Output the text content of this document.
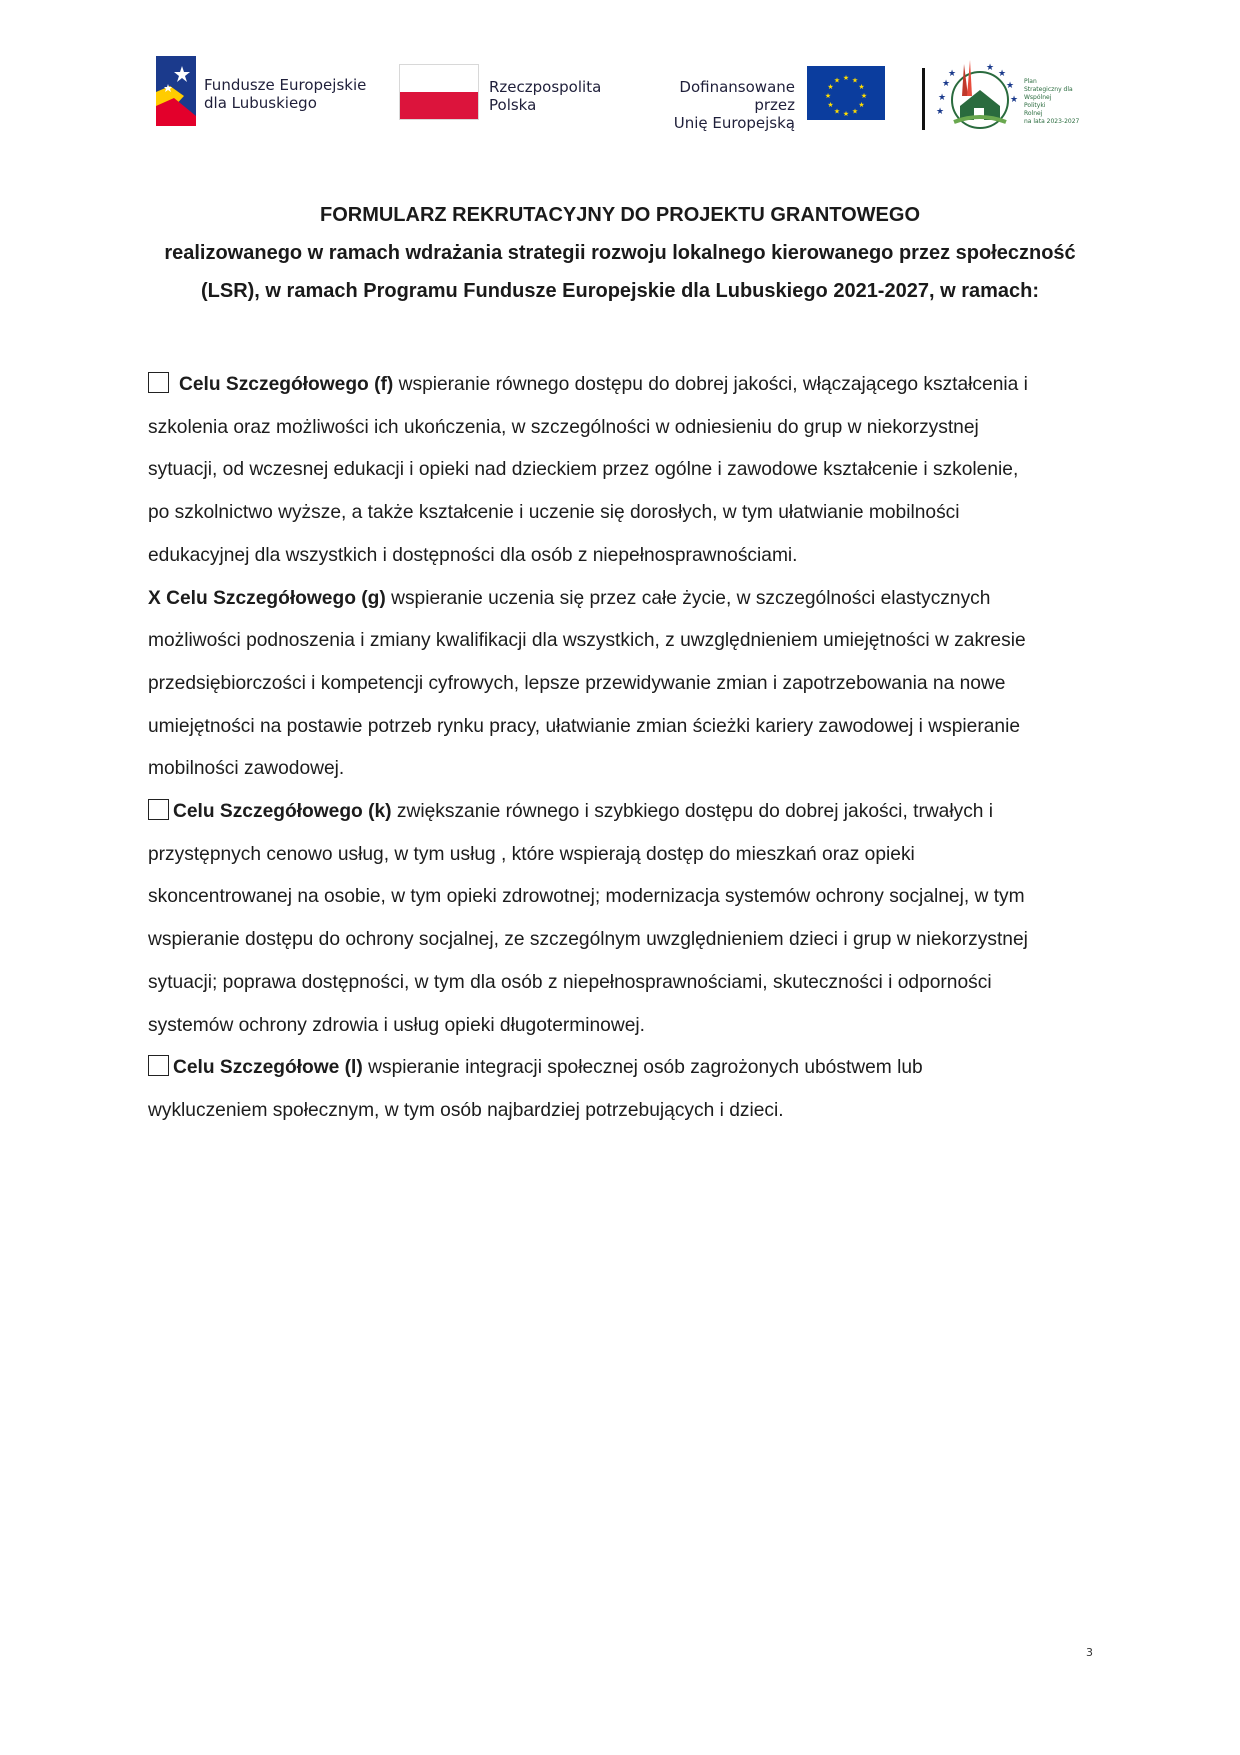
Fundusze Europejskie
dla Lubuskiego
Rzeczpospolita
Polska
Dofinansowane przez
Unię Europejską
★ ★
★
★
★
★
★
★
★
★
★
★	★
★
★
★
★
★
★
★
Plan
Strategiczny dla
Wspólnej
Polityki
Rolnej
na lata 2023-2027
FORMULARZ REKRUTACYJNY DO PROJEKTU GRANTOWEGO
realizowanego w ramach wdrażania strategii rozwoju lokalnego kierowanego przez społeczność
(LSR), w ramach Programu Fundusze Europejskie dla Lubuskiego 2021-2027, w ramach:
Celu Szczegółowego (f) wspieranie równego dostępu do dobrej jakości, włączającego kształcenia i
szkolenia oraz możliwości ich ukończenia, w szczególności w odniesieniu do grup w niekorzystnej
sytuacji, od wczesnej edukacji i opieki nad dzieckiem przez ogólne i zawodowe kształcenie i szkolenie,
po szkolnictwo wyższe, a także kształcenie i uczenie się dorosłych, w tym ułatwianie mobilności
edukacyjnej dla wszystkich i dostępności dla osób z niepełnosprawnościami.
X Celu Szczegółowego (g) wspieranie uczenia się przez całe życie, w szczególności elastycznych
możliwości podnoszenia i zmiany kwalifikacji dla wszystkich, z uwzględnieniem umiejętności w zakresie
przedsiębiorczości i kompetencji cyfrowych, lepsze przewidywanie zmian i zapotrzebowania na nowe
umiejętności na postawie potrzeb rynku pracy, ułatwianie zmian ścieżki kariery zawodowej i wspieranie
mobilności zawodowej.
Celu Szczegółowego (k) zwiększanie równego i szybkiego dostępu do dobrej jakości, trwałych i
przystępnych cenowo usług, w tym usług , które wspierają dostęp do mieszkań oraz opieki
skoncentrowanej na osobie, w tym opieki zdrowotnej; modernizacja systemów ochrony socjalnej, w tym
wspieranie dostępu do ochrony socjalnej, ze szczególnym uwzględnieniem dzieci i grup w niekorzystnej
sytuacji; poprawa dostępności, w tym dla osób z niepełnosprawnościami, skuteczności i odporności
systemów ochrony zdrowia i usług opieki długoterminowej.
Celu Szczegółowe (l) wspieranie integracji społecznej osób zagrożonych ubóstwem lub
wykluczeniem społecznym, w tym osób najbardziej potrzebujących i dzieci.
3
